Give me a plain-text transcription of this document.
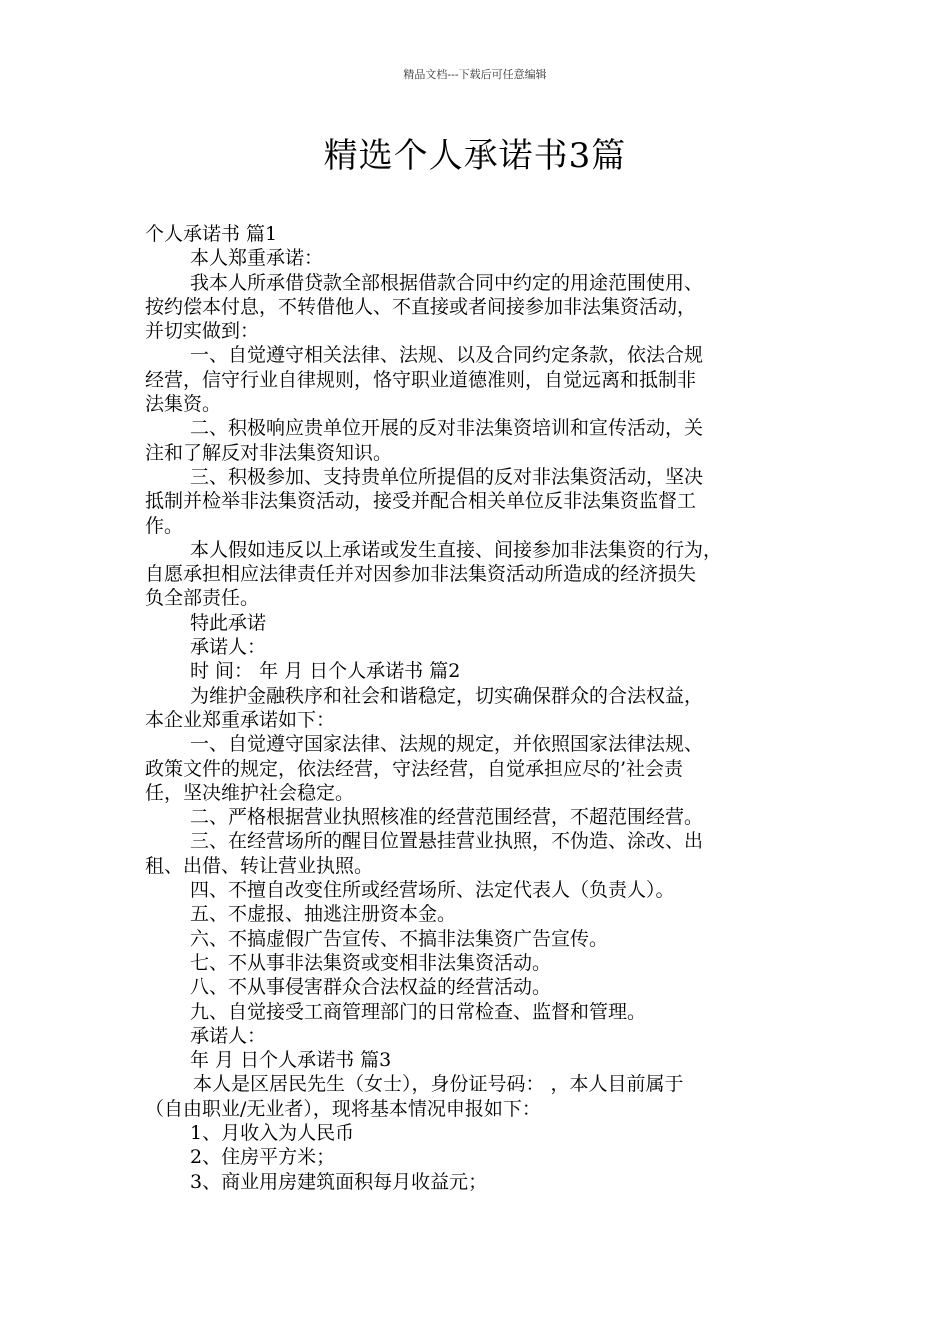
精品文档---下载后可任意编辑
精选个人承诺书3篇
个人承诺书 篇1
本人郑重承诺：
我本人所承借贷款全部根据借款合同中约定的用途范围使用、
按约偿本付息，不转借他人、不直接或者间接参加非法集资活动，
并切实做到：
一、自觉遵守相关法律、法规、以及合同约定条款，依法合规
经营，信守行业自律规则，恪守职业道德准则，自觉远离和抵制非
法集资。
二、积极响应贵单位开展的反对非法集资培训和宣传活动，关
注和了解反对非法集资知识。
三、积极参加、支持贵单位所提倡的反对非法集资活动，坚决
抵制并检举非法集资活动，接受并配合相关单位反非法集资监督工
作。
本人假如违反以上承诺或发生直接、间接参加非法集资的行为，
自愿承担相应法律责任并对因参加非法集资活动所造成的经济损失
负全部责任。
特此承诺
承诺人：
时 间： 年 月 日个人承诺书 篇2
为维护金融秩序和社会和谐稳定，切实确保群众的合法权益，
本企业郑重承诺如下：
一、自觉遵守国家法律、法规的规定，并依照国家法律法规、
政策文件的规定，依法经营，守法经营，自觉承担应尽的’社会责
任，坚决维护社会稳定。
二、严格根据营业执照核准的经营范围经营，不超范围经营。
三、在经营场所的醒目位置悬挂营业执照，不伪造、涂改、出
租、出借、转让营业执照。
四、不擅自改变住所或经营场所、法定代表人（负责人）。
五、不虚报、抽逃注册资本金。
六、不搞虚假广告宣传、不搞非法集资广告宣传。
七、不从事非法集资或变相非法集资活动。
八、不从事侵害群众合法权益的经营活动。
九、自觉接受工商管理部门的日常检查、监督和管理。
承诺人：
年 月 日个人承诺书 篇3
本人是区居民先生（女士），身份证号码： ，本人目前属于
（自由职业/无业者），现将基本情况申报如下：
1、月收入为人民币
2、住房平方米；
3、商业用房建筑面积每月收益元；
